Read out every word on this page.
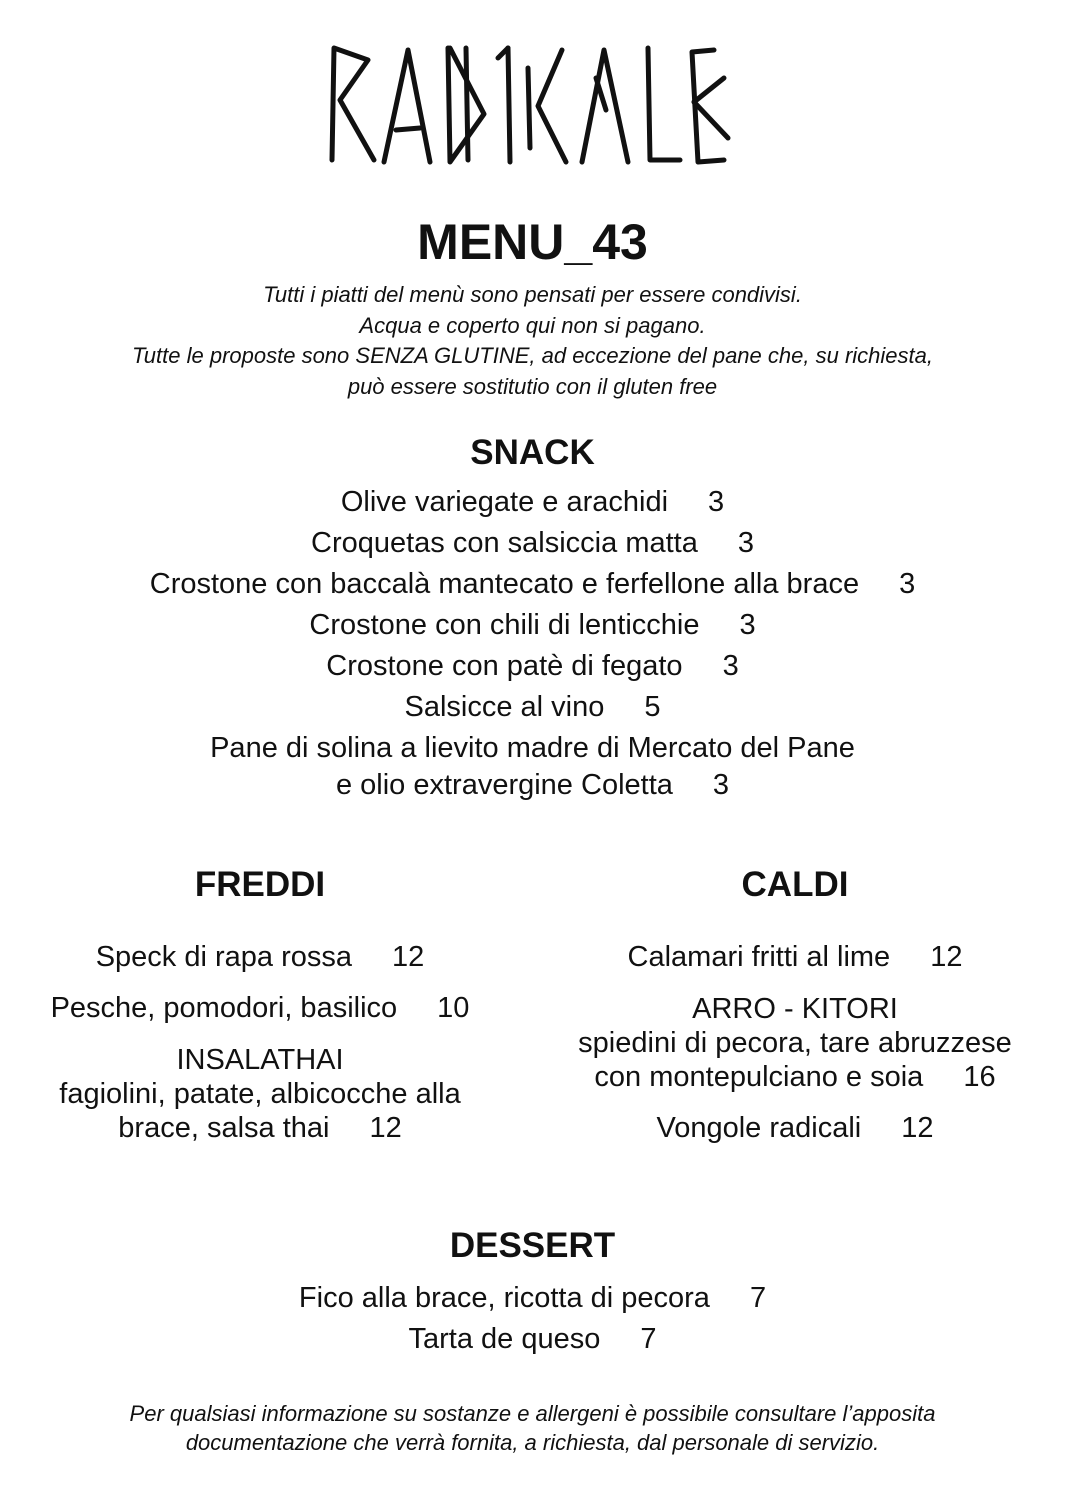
MENU_43
Tutti i piatti del menù sono pensati per essere condivisi.
Acqua e coperto qui non si pagano.
Tutte le proposte sono SENZA GLUTINE, ad eccezione del pane che, su richiesta,
può essere sostitutio con il gluten free
SNACK
Olive variegate e arachidi 3
Croquetas con salsiccia matta 3
Crostone con baccalà mantecato e ferfellone alla brace 3
Crostone con chili di lenticchie 3
Crostone con patè di fegato 3
Salsicce al vino 5
Pane di solina a lievito madre di Mercato del Pane
e olio extravergine Coletta 3
FREDDI
Speck di rapa rossa 12
Pesche, pomodori, basilico 10
INSALATHAI
fagiolini, patate, albicocche alla
brace, salsa thai 12
CALDI
Calamari fritti al lime 12
ARRO - KITORI
spiedini di pecora, tare abruzzese
con montepulciano e soia 16
Vongole radicali 12
DESSERT
Fico alla brace, ricotta di pecora 7
Tarta de queso 7
Per qualsiasi informazione su sostanze e allergeni è possibile consultare l’apposita
documentazione che verrà fornita, a richiesta, dal personale di servizio.
